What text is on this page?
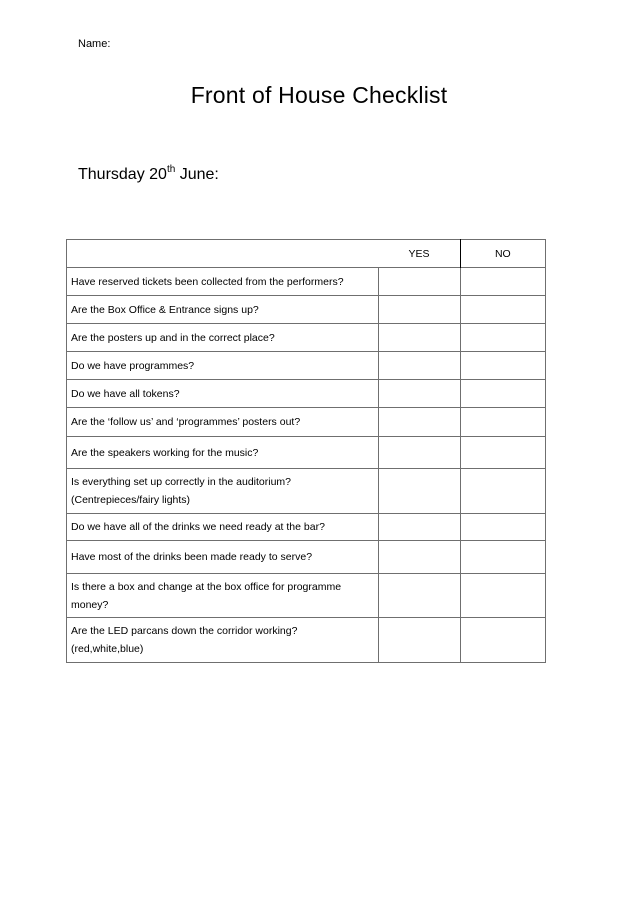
Name:
Front of House Checklist
Thursday 20th June:
	YES	NO

Have reserved tickets been collected from the performers?		

Are the Box Office & Entrance signs up?		

Are the posters up and in the correct place?		

Do we have programmes?		

Do we have all tokens?		

Are the ‘follow us’ and ‘programmes’ posters out?		

Are the speakers working for the music?		

Is everything set up correctly in the auditorium?
(Centrepieces/fairy lights)		

Do we have all of the drinks we need ready at the bar?		

Have most of the drinks been made ready to serve?		

Is there a box and change at the box office for programme
money?		

Are the LED parcans down the corridor working?
(red,white,blue)		
